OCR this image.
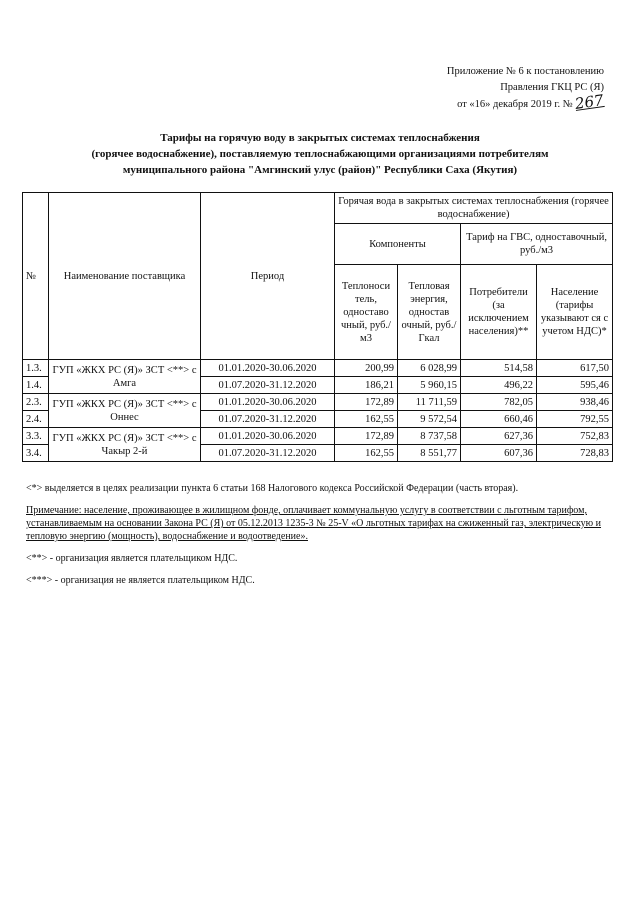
Приложение № 6 к постановлению
Правления ГКЦ РС (Я)
от «16» декабря 2019 г. № 267
Тарифы на горячую воду в закрытых системах теплоснабжения
(горячее водоснабжение), поставляемую теплоснабжающими организациями потребителям
муниципального района "Амгинский улус (район)" Республики Саха (Якутия)
№	Наименование поставщика	Период	Горячая вода в закрытых системах теплоснабжения (горячее водоснабжение)			
			Компоненты		Тариф на ГВС, одноставочный, руб./м3	
			Теплоноси тель, одноставо чный, руб./м3	Тепловая энергия, одностав очный, руб./Гкал	Потребители (за исключением населения)**	Население (тарифы указывают ся с учетом НДС)*
1.3.	ГУП «ЖКХ РС (Я)» ЗСТ <**> с Амга	01.01.2020-30.06.2020	200,99	6 028,99	514,58	617,50
1.4.		01.07.2020-31.12.2020	186,21	5 960,15	496,22	595,46
2.3.	ГУП «ЖКХ РС (Я)» ЗСТ <**> с Оннес	01.01.2020-30.06.2020	172,89	11 711,59	782,05	938,46
2.4.		01.07.2020-31.12.2020	162,55	9 572,54	660,46	792,55
3.3.	ГУП «ЖКХ РС (Я)» ЗСТ <**> с Чакыр 2-й	01.01.2020-30.06.2020	172,89	8 737,58	627,36	752,83
3.4.		01.07.2020-31.12.2020	162,55	8 551,77	607,36	728,83

<*> выделяется в целях реализации пункта 6 статьи 168 Налогового кодекса Российской Федерации (часть вторая).

Примечание: население, проживающее в жилищном фонде, оплачивает коммунальную услугу в соответствии с льготным тарифом, устанавливаемым на основании Закона РС (Я) от 05.12.2013 1235-3 № 25-V «О льготных тарифах на сжиженный газ, электрическую и тепловую энергию (мощность), водоснабжение и водоотведение».

<**> - организация является плательщиком НДС.

<***> - организация не является плательщиком НДС.
